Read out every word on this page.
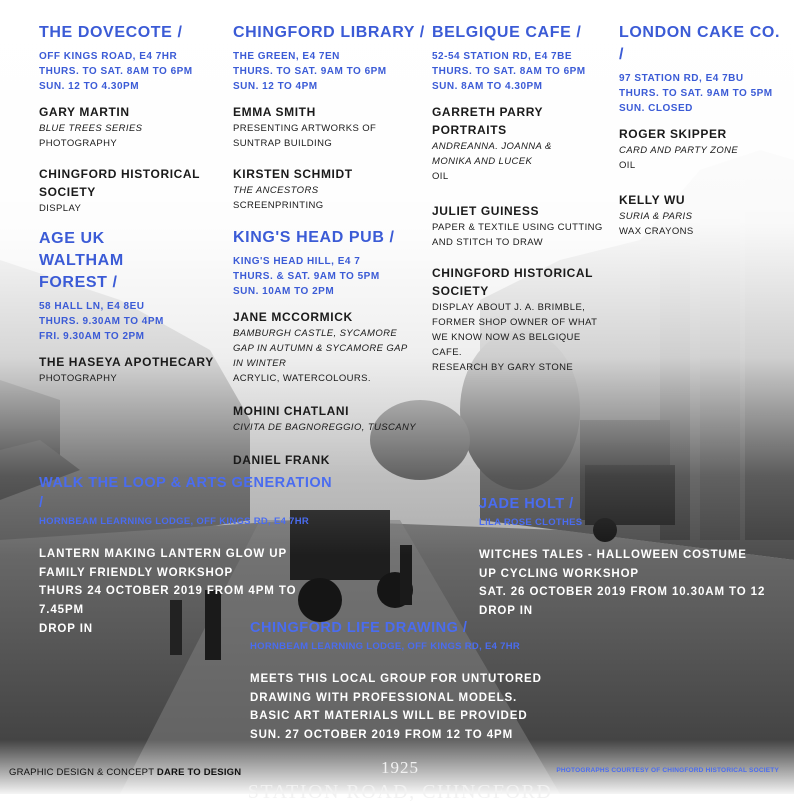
THE DOVECOTE /
OFF KINGS ROAD, E4 7HR
THURS. TO SAT. 8AM TO 6PM
SUN. 12 TO 4.30PM
GARY MARTIN
BLUE TREES SERIES
PHOTOGRAPHY
CHINGFORD HISTORICAL
SOCIETY
DISPLAY
AGE UK WALTHAM FOREST /
58 HALL LN, E4 8EU
THURS. 9.30AM TO 4PM
FRI. 9.30AM TO 2PM
THE HASEYA APOTHECARY
PHOTOGRAPHY
CHINGFORD LIBRARY /
THE GREEN, E4 7EN
THURS. TO SAT. 9AM TO 6PM
SUN. 12 TO 4PM
EMMA SMITH
PRESENTING ARTWORKS OF
SUNTRAP BUILDING
KIRSTEN SCHMIDT
THE ANCESTORS
SCREENPRINTING
KING'S HEAD PUB /
KING'S HEAD HILL, E4 7
THURS. & SAT. 9AM TO 5PM
SUN. 10AM TO 2PM
JANE MCCORMICK
BAMBURGH CASTLE, SYCAMORE
GAP IN AUTUMN & SYCAMORE GAP
IN WINTER
ACRYLIC, WATERCOLOURS.
MOHINI CHATLANI
CIVITA DE BAGNOREGGIO, TUSCANY
DANIEL FRANK
BELGIQUE CAFE /
52-54 STATION RD, E4 7BE
THURS. TO SAT. 8AM TO 6PM
SUN. 8AM TO 4.30PM
GARRETH PARRY
PORTRAITS
ANDREANNA. JOANNA &
MONIKA AND LUCEK
OIL
JULIET GUINESS
PAPER & TEXTILE USING CUTTING
AND STITCH TO DRAW
CHINGFORD HISTORICAL
SOCIETY
DISPLAY ABOUT J. A. BRIMBLE,
FORMER SHOP OWNER OF WHAT
WE KNOW NOW AS BELGIQUE CAFE.
RESEARCH BY GARY STONE
LONDON CAKE CO. /
97 STATION RD, E4 7BU
THURS. TO SAT. 9AM TO 5PM
SUN. CLOSED
ROGER SKIPPER
CARD AND PARTY ZONE
OIL
KELLY WU
SURIA & PARIS
WAX CRAYONS
WALK THE LOOP & ARTS GENERATION /
HORNBEAM LEARNING LODGE, OFF KINGS RD, E4 7HR
LANTERN MAKING LANTERN GLOW UP
FAMILY FRIENDLY WORKSHOP
THURS 24 OCTOBER 2019 FROM 4PM TO 7.45PM
DROP IN
JADE HOLT /
LILA ROSE CLOTHES
WITCHES TALES - HALLOWEEN COSTUME
UP CYCLING WORKSHOP
SAT. 26 OCTOBER 2019 FROM 10.30AM TO 12
DROP IN
CHINGFORD LIFE DRAWING /
HORNBEAM LEARNING LODGE, OFF KINGS RD, E4 7HR
MEETS THIS LOCAL GROUP FOR UNTUTORED
DRAWING WITH PROFESSIONAL MODELS.
BASIC ART MATERIALS WILL BE PROVIDED
SUN. 27 OCTOBER 2019 FROM 12 TO 4PM
1925
STATION ROAD, CHINGFORD
GRAPHIC DESIGN & CONCEPT DARE TO DESIGN	PHOTOGRAPHS COURTESY OF CHINGFORD HISTORICAL SOCIETY
